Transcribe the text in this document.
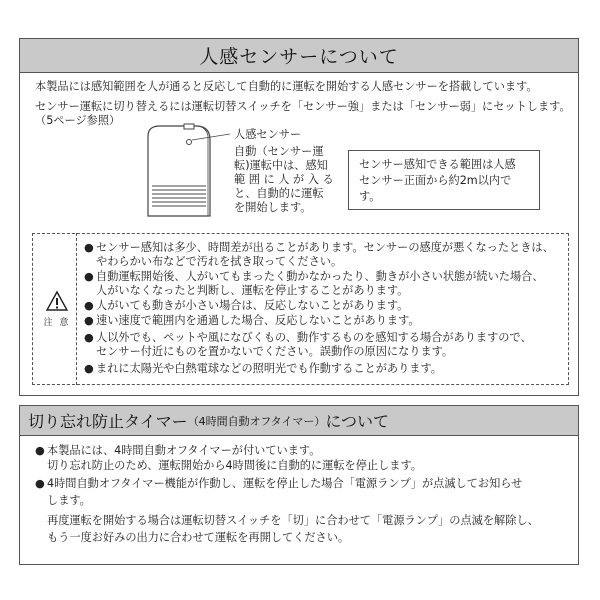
人感センサーについて
本製品には感知範囲を人が通ると反応して自動的に運転を開始する人感センサーを搭載しています。
センサー運転に切り替えるには運転切替スイッチを「センサー強」または「センサー弱」にセットします。
（5ページ参照）
人感センサー
自動（センサー運
転)運転中は、感知
範 囲 に 人 が 入 る
と、自動的に運転
を開始します。
センサー感知できる範囲は人感
センサー正面から約2m以内で
す。
注 意
● センサー感知は多少、時間差が出ることがあります。センサーの感度が悪くなったときは、
やわらかい布などで汚れを拭き取ってください。
● 自動運転開始後、人がいてもまったく動かなかったり、動きが小さい状態が続いた場合、
人がいなくなったと判断し、運転を停止することがあります。
● 人がいても動きが小さい場合は、反応しないことがあります。
● 速い速度で範囲内を通過した場合、反応しないことがあります。
● 人以外でも、ペットや風になびくもの、動作するものを感知する場合がありますので、
センサー付近にものを置かないでください。誤動作の原因になります。
● まれに太陽光や白熱電球などの照明光でも作動することがあります。
切り忘れ防止タイマー （4時間自動オフタイマー） について
● 本製品には、4時間自動オフタイマーが付いています。
切り忘れ防止のため、運転開始から4時間後に自動的に運転を停止します。
● 4時間自動オフタイマー機能が作動し、運転を停止した場合「電源ランプ」が点滅してお知らせ
します。
再度運転を開始する場合は運転切替スイッチを「切」に合わせて「電源ランプ」の点滅を解除し、
もう一度お好みの出力に合わせて運転を再開してください。
